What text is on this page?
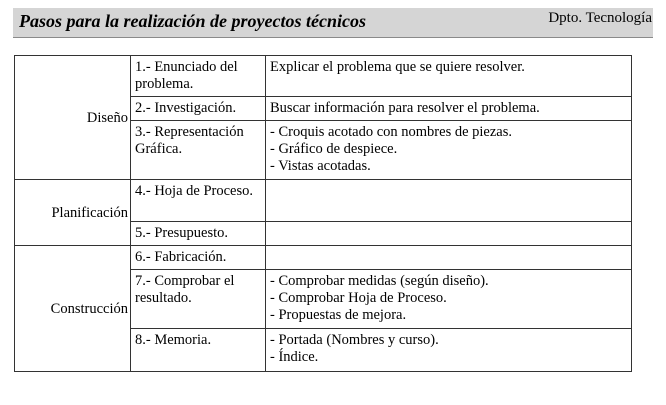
Pasos para la realización de proyectos técnicos	Dpto. Tecnología
Diseño	1.- Enunciado del problema.	Explicar el problema que se quiere resolver.

	2.- Investigación.	Buscar información para resolver el problema.

	3.- Representación Gráfica.	- Croquis acotado con nombres de piezas.
- Gráfico de despiece.
- Vistas acotadas.

Planificación	4.- Hoja de Proceso.	
	5.- Presupuesto.	
Construcción	6.- Fabricación.	
	7.- Comprobar el resultado.	- Comprobar medidas (según diseño).
- Comprobar Hoja de Proceso.
- Propuestas de mejora.

	8.- Memoria.	- Portada (Nombres y curso).
- Índice.
